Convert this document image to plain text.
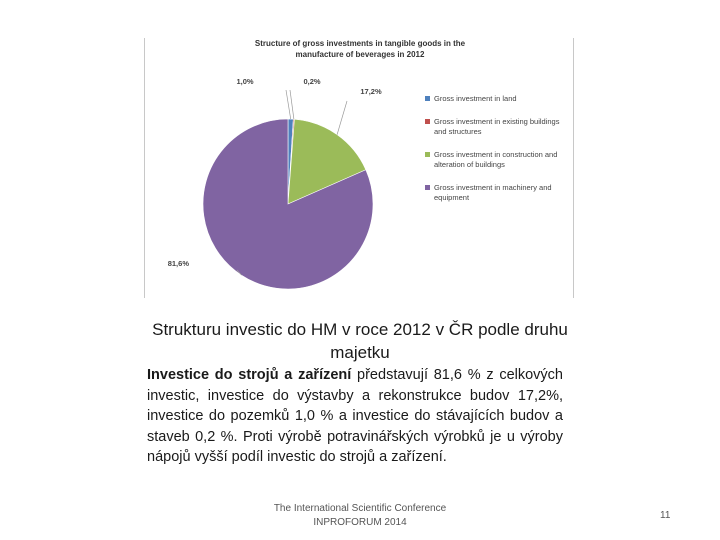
1,0%	0,2%
17,2%
81,6%
Structure of gross investments in tangible goods in the manufacture of beverages in 2012
Gross investment in land
Gross investment in existing buildings and structures
Gross investment in construction and alteration of buildings
Gross investment in machinery and equipment
Strukturu investic do HM v roce 2012 v ČR podle druhu majetku
Investice do strojů a zařízení představují 81,6 % z celkových investic, investice do výstavby a rekonstrukce budov 17,2%, investice do pozemků 1,0 % a investice do stávajících budov a staveb 0,2 %. Proti výrobě potravinářských výrobků je u výroby nápojů vyšší podíl investic do strojů a zařízení.
The International Scientific Conference
INPROFORUM 2014
11
